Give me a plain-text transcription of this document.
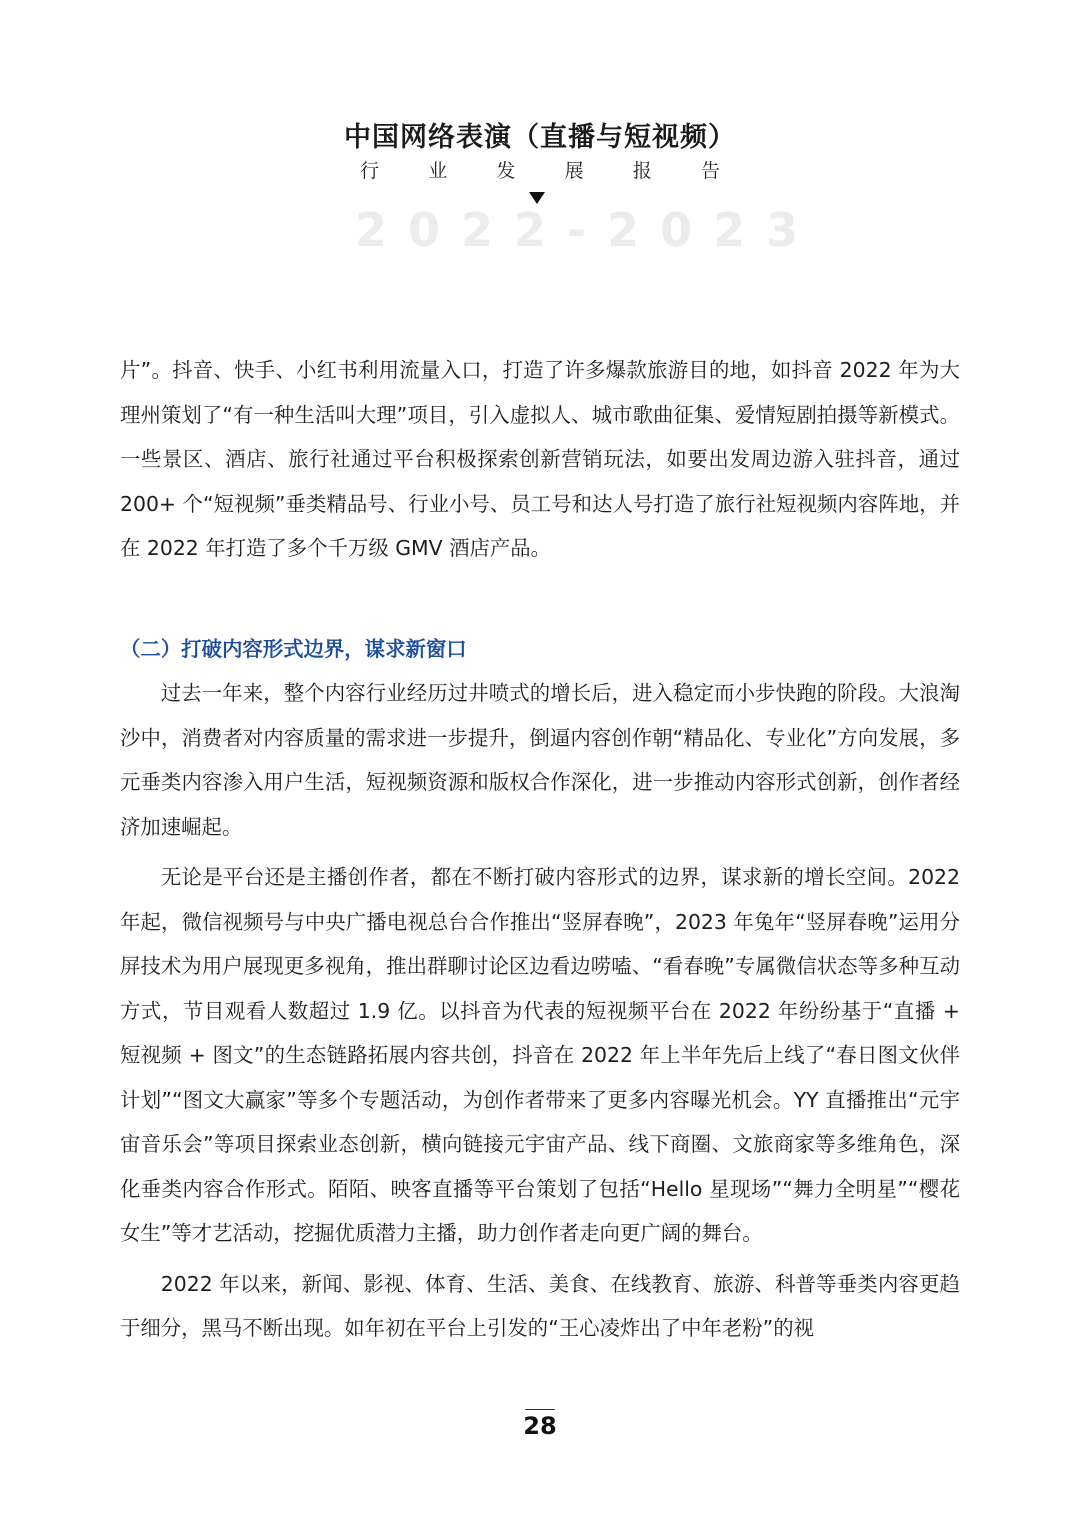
中国网络表演（直播与短视频）
行	业	发	展	报	告
2022-2023

片”。抖音、快手、小红书利用流量入口，打造了许多爆款旅游目的地，如抖音 2022 年为大理州策划了“有一种生活叫大理”项目，引入虚拟人、城市歌曲征集、爱情短剧拍摄等新模式。一些景区、酒店、旅行社通过平台积极探索创新营销玩法，如要出发周边游入驻抖音，通过 200+ 个“短视频”垂类精品号、行业小号、员工号和达人号打造了旅行社短视频内容阵地，并在 2022 年打造了多个千万级 GMV 酒店产品。

（二）打破内容形式边界，谋求新窗口

过去一年来，整个内容行业经历过井喷式的增长后，进入稳定而小步快跑的阶段。大浪淘沙中，消费者对内容质量的需求进一步提升，倒逼内容创作朝“精品化、专业化”方向发展，多元垂类内容渗入用户生活，短视频资源和版权合作深化，进一步推动内容形式创新，创作者经济加速崛起。

无论是平台还是主播创作者，都在不断打破内容形式的边界，谋求新的增长空间。2022 年起，微信视频号与中央广播电视总台合作推出“竖屏春晚”，2023 年兔年“竖屏春晚”运用分屏技术为用户展现更多视角，推出群聊讨论区边看边唠嗑、“看春晚”专属微信状态等多种互动方式，节目观看人数超过 1.9 亿。以抖音为代表的短视频平台在 2022 年纷纷基于“直播 + 短视频 + 图文”的生态链路拓展内容共创，抖音在 2022 年上半年先后上线了“春日图文伙伴计划”“图文大赢家”等多个专题活动，为创作者带来了更多内容曝光机会。YY 直播推出“元宇宙音乐会”等项目探索业态创新，横向链接元宇宙产品、线下商圈、文旅商家等多维角色，深化垂类内容合作形式。陌陌、映客直播等平台策划了包括“Hello 星现场”“舞力全明星”“樱花女生”等才艺活动，挖掘优质潜力主播，助力创作者走向更广阔的舞台。

2022 年以来，新闻、影视、体育、生活、美食、在线教育、旅游、科普等垂类内容更趋于细分，黑马不断出现。如年初在平台上引发的“王心凌炸出了中年老粉”的视

28
